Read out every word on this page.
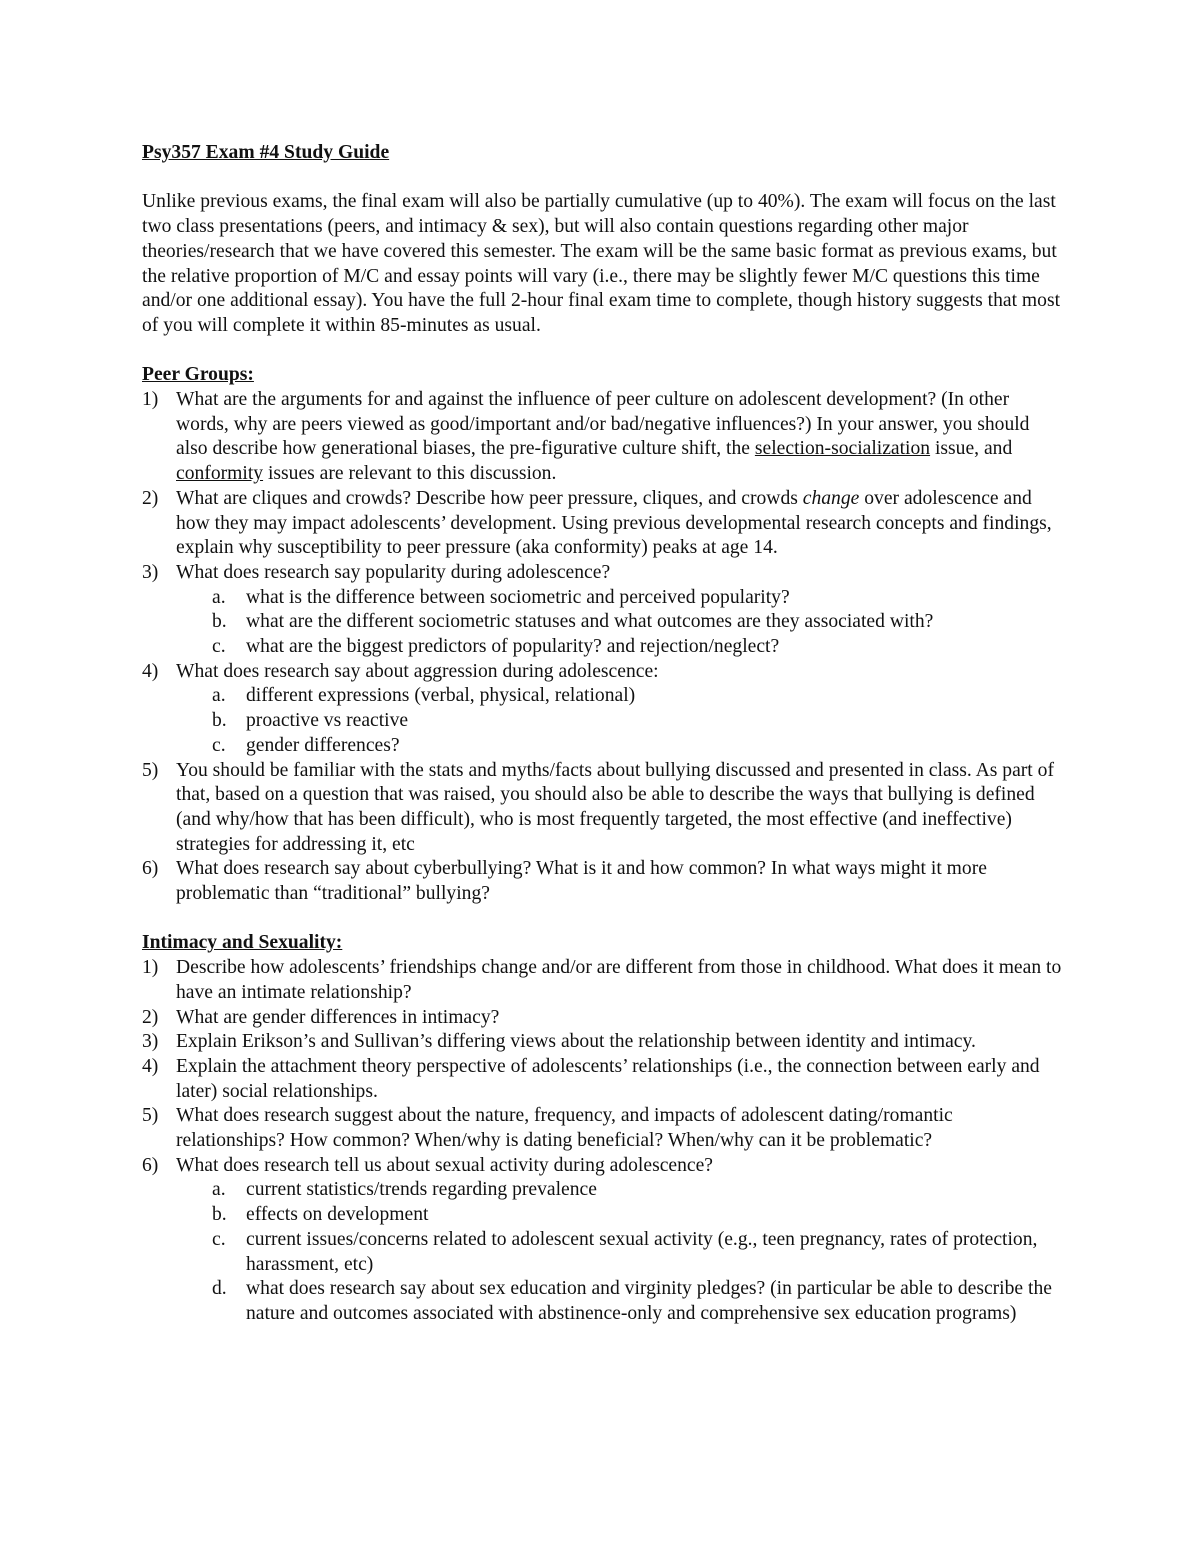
Psy357 Exam #4 Study Guide
Unlike previous exams, the final exam will also be partially cumulative (up to 40%). The exam will focus on the last two class presentations (peers, and intimacy & sex), but will also contain questions regarding other major theories/research that we have covered this semester. The exam will be the same basic format as previous exams, but the relative proportion of M/C and essay points will vary (i.e., there may be slightly fewer M/C questions this time and/or one additional essay). You have the full 2-hour final exam time to complete, though history suggests that most of you will complete it within 85-minutes as usual.
Peer Groups:
1) What are the arguments for and against the influence of peer culture on adolescent development? (In other words, why are peers viewed as good/important and/or bad/negative influences?) In your answer, you should also describe how generational biases, the pre-figurative culture shift, the selection-socialization issue, and conformity issues are relevant to this discussion.
2) What are cliques and crowds? Describe how peer pressure, cliques, and crowds change over adolescence and how they may impact adolescents’ development. Using previous developmental research concepts and findings, explain why susceptibility to peer pressure (aka conformity) peaks at age 14.
3) What does research say popularity during adolescence?
a. what is the difference between sociometric and perceived popularity?
b. what are the different sociometric statuses and what outcomes are they associated with?
c. what are the biggest predictors of popularity? and rejection/neglect?
4) What does research say about aggression during adolescence:
a. different expressions (verbal, physical, relational)
b. proactive vs reactive
c. gender differences?
5) You should be familiar with the stats and myths/facts about bullying discussed and presented in class. As part of that, based on a question that was raised, you should also be able to describe the ways that bullying is defined (and why/how that has been difficult), who is most frequently targeted, the most effective (and ineffective) strategies for addressing it, etc
6) What does research say about cyberbullying? What is it and how common? In what ways might it more problematic than “traditional” bullying?
Intimacy and Sexuality:
1) Describe how adolescents’ friendships change and/or are different from those in childhood. What does it mean to have an intimate relationship?
2) What are gender differences in intimacy?
3) Explain Erikson’s and Sullivan’s differing views about the relationship between identity and intimacy.
4) Explain the attachment theory perspective of adolescents’ relationships (i.e., the connection between early and later) social relationships.
5) What does research suggest about the nature, frequency, and impacts of adolescent dating/romantic relationships? How common? When/why is dating beneficial? When/why can it be problematic?
6) What does research tell us about sexual activity during adolescence?
a. current statistics/trends regarding prevalence
b. effects on development
c. current issues/concerns related to adolescent sexual activity (e.g., teen pregnancy, rates of protection, harassment, etc)
d. what does research say about sex education and virginity pledges? (in particular be able to describe the nature and outcomes associated with abstinence-only and comprehensive sex education programs)
